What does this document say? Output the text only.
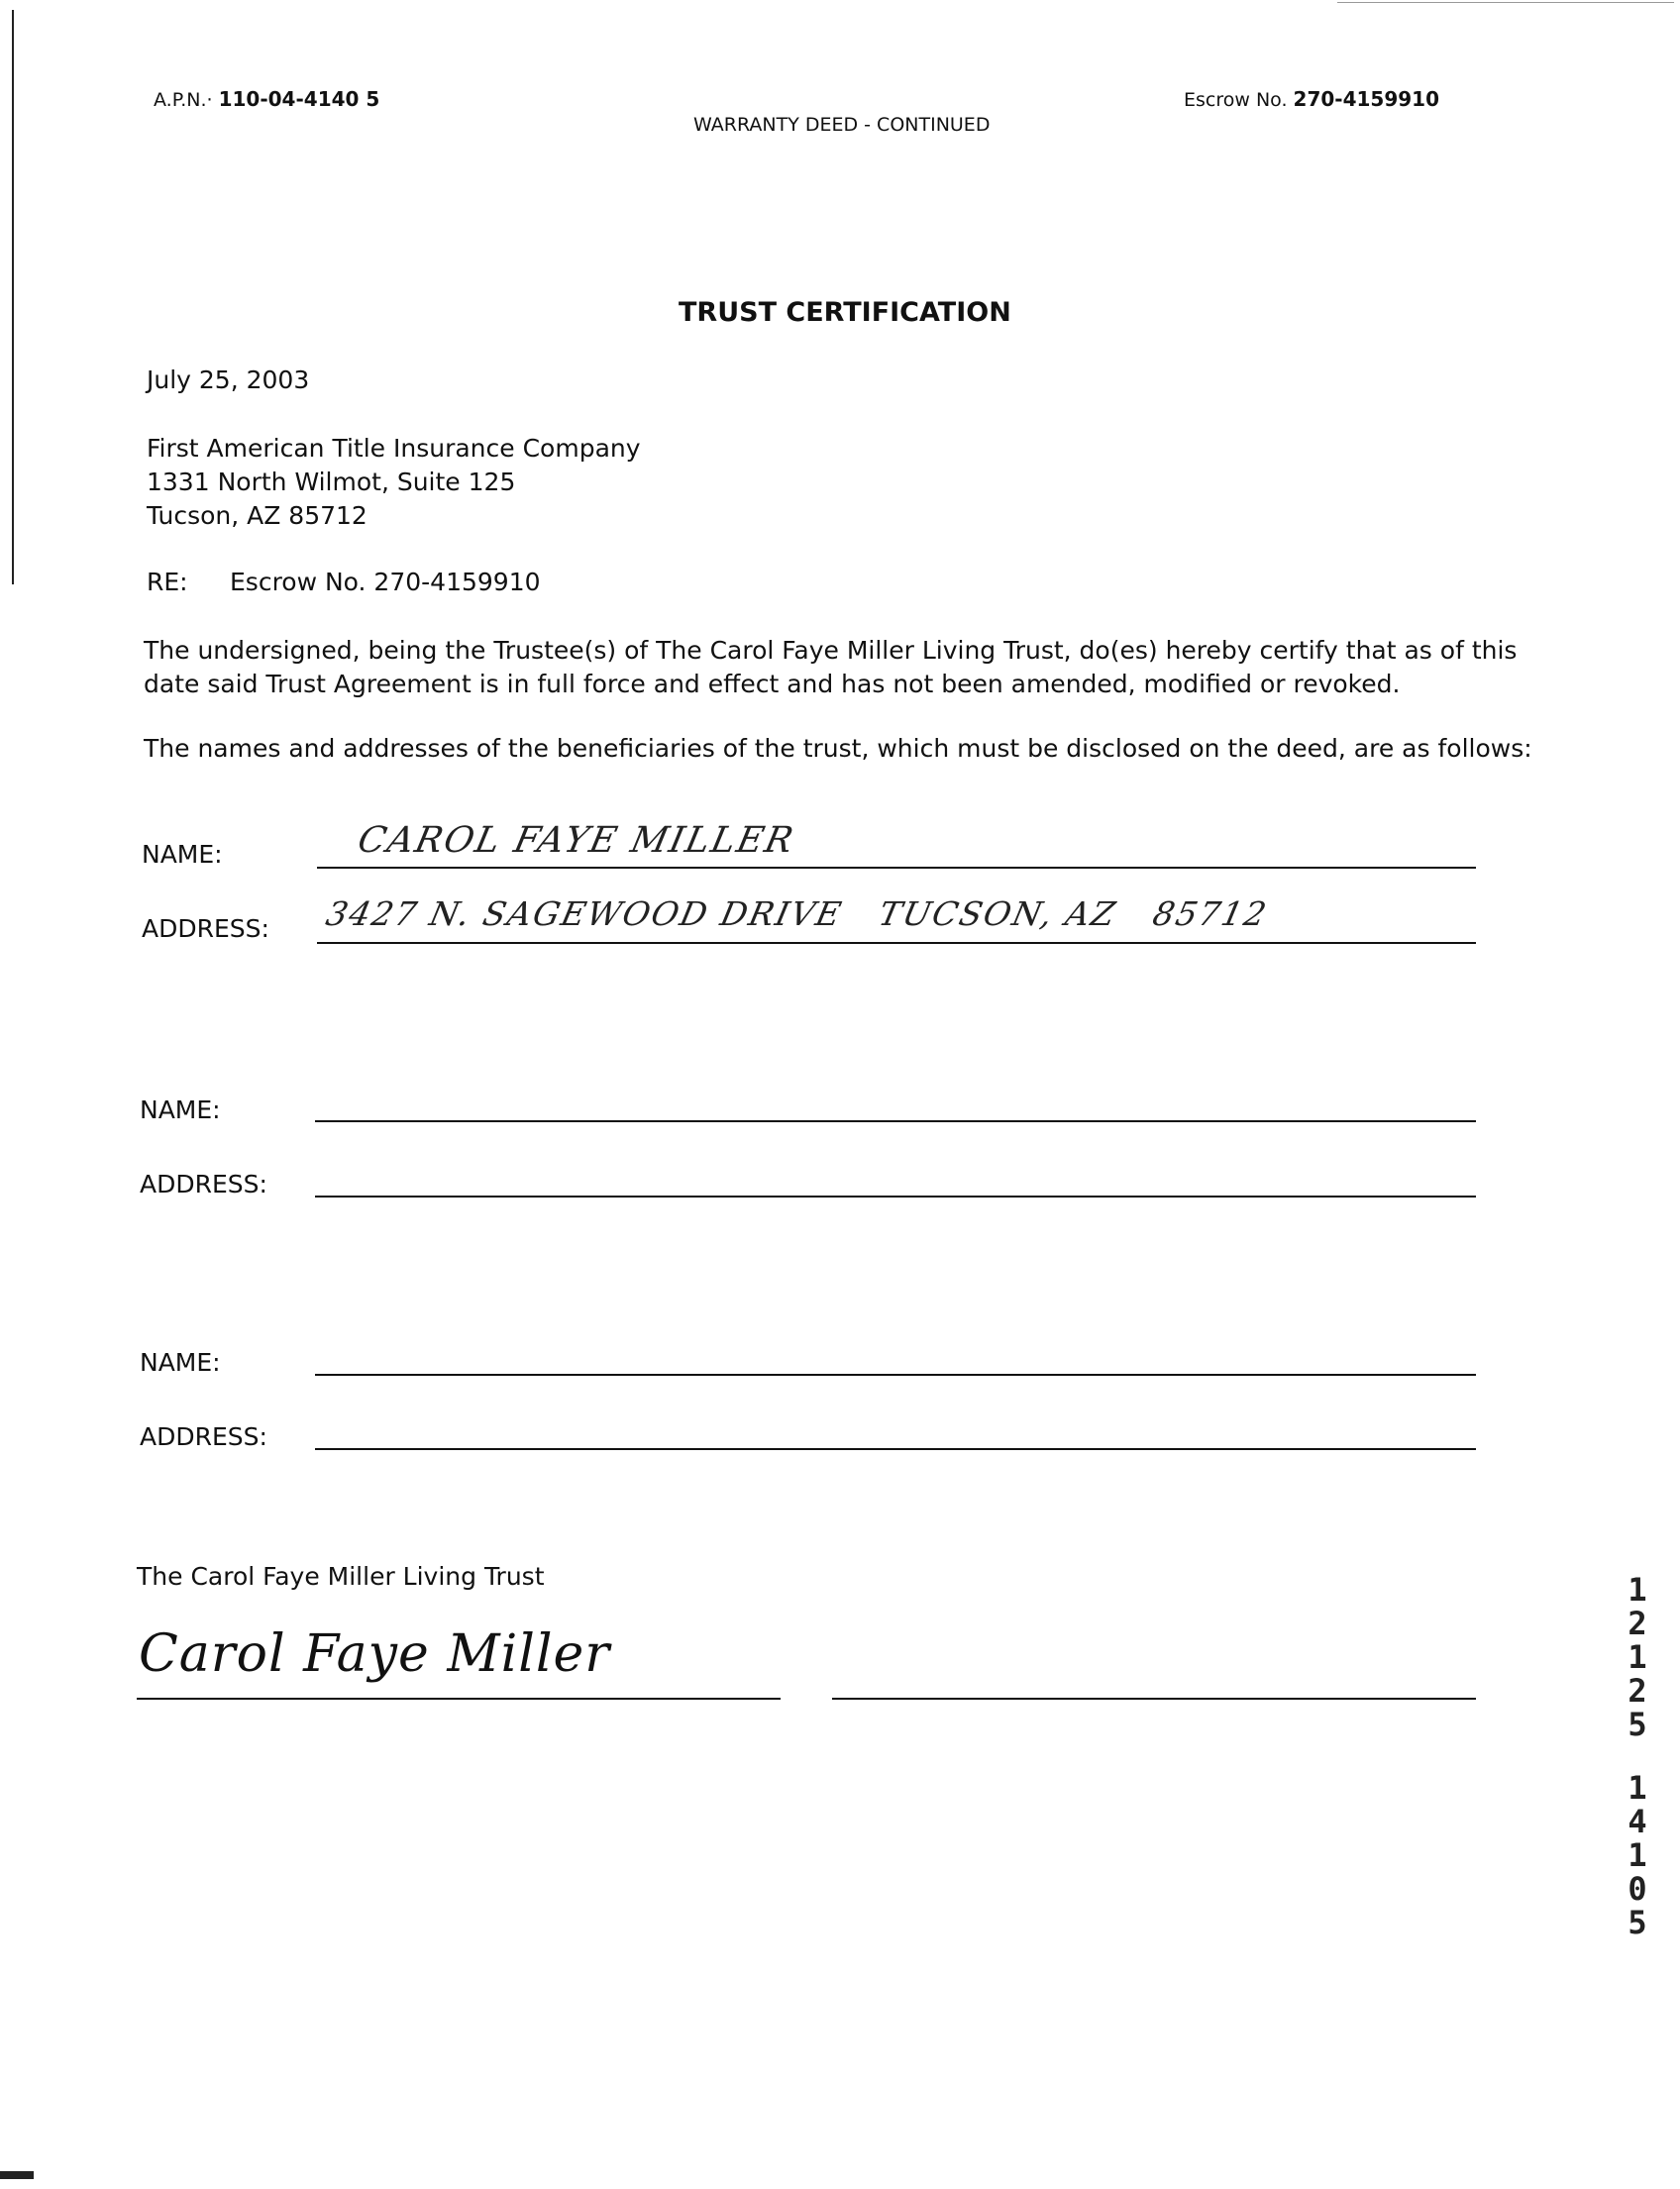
A.P.N.· 110-04-4140 5
WARRANTY DEED - CONTINUED
Escrow No. 270-4159910
TRUST CERTIFICATION
July 25, 2003
First American Title Insurance Company
1331 North Wilmot, Suite 125
Tucson, AZ 85712
RE: Escrow No. 270-4159910
The undersigned, being the Trustee(s) of The Carol Faye Miller Living Trust, do(es) hereby certify that as of this
date said Trust Agreement is in full force and effect and has not been amended, modified or revoked.
The names and addresses of the beneficiaries of the trust, which must be disclosed on the deed, are as follows:
NAME:	CAROL FAYE MILLER
ADDRESS: 3427 N. SAGEWOOD DRIVE   TUCSON, AZ   85712
NAME:
ADDRESS:
NAME:
ADDRESS:
The Carol Faye Miller Living Trust
Carol Faye Miller
1
2
1
2
5
1
4
1
0
5
